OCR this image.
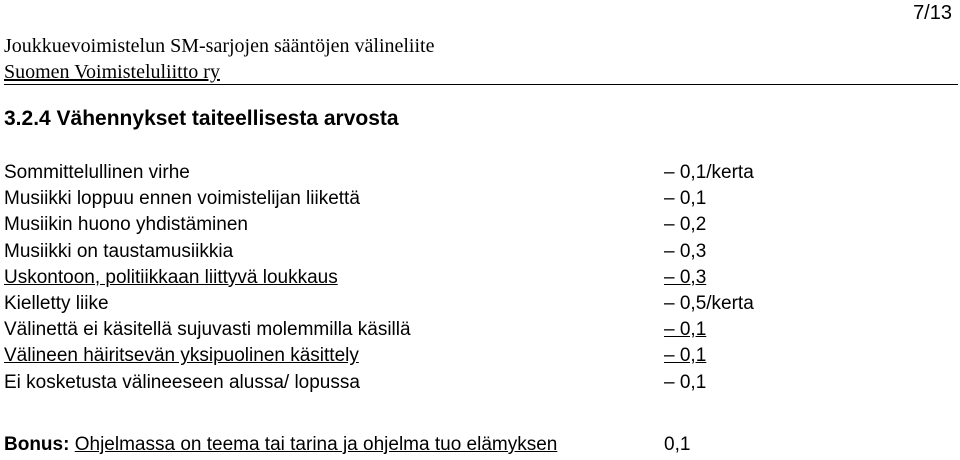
7/13
Joukkuevoimistelun SM-sarjojen sääntöjen välineliite
Suomen Voimisteluliitto ry
3.2.4 Vähennykset taiteellisesta arvosta
Sommittelullinen virhe	– 0,1/kerta
Musiikki loppuu ennen voimistelijan liikettä	– 0,1
Musiikin huono yhdistäminen	– 0,2
Musiikki on taustamusiikkia	– 0,3
Uskontoon, politiikkaan liittyvä loukkaus	– 0,3
Kielletty liike	– 0,5/kerta
Välinettä ei käsitellä sujuvasti molemmilla käsillä	– 0,1
Välineen häiritsevän yksipuolinen käsittely	– 0,1
Ei kosketusta välineeseen alussa/ lopussa	– 0,1
Bonus: Ohjelmassa on teema tai tarina ja ohjelma tuo elämyksen	0,1
